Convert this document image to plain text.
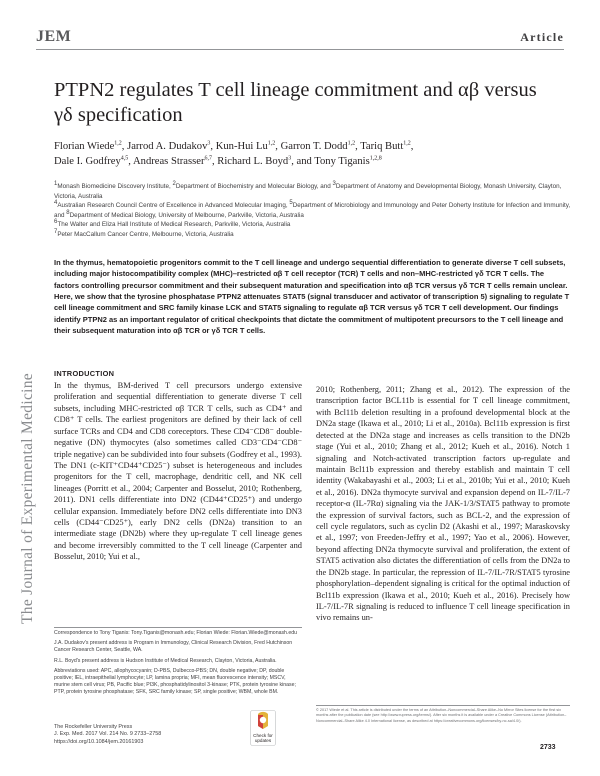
JEM	Article
The Journal of Experimental Medicine
PTPN2 regulates T cell lineage commitment and αβ versus γδ specification
Florian Wiede$^{1,2}$, Jarrod A. Dudakov$^3$, Kun-Hui Lu$^{1,2}$, Garron T. Dodd$^{1,2}$, Tariq Butt$^{1,2}$,
Dale I. Godfrey$^{4,5}$, Andreas Strasser$^{6,7}$, Richard L. Boyd$^3$, and Tony Tiganis$^{1,2,8}$
$^1$Monash Biomedicine Discovery Institute, $^2$Department of Biochemistry and Molecular Biology, and $^3$Department of Anatomy and Developmental Biology, Monash University, Clayton, Victoria, Australia
$^4$Australian Research Council Centre of Excellence in Advanced Molecular Imaging, $^5$Department of Microbiology and Immunology and Peter Doherty Institute for Infection and Immunity, and $^8$Department of Medical Biology, University of Melbourne, Parkville, Victoria, Australia
$^6$The Walter and Eliza Hall Institute of Medical Research, Parkville, Victoria, Australia
$^7$Peter MacCallum Cancer Centre, Melbourne, Victoria, Australia
In the thymus, hematopoietic progenitors commit to the T cell lineage and undergo sequential differentiation to generate diverse T cell subsets, including major histocompatibility complex (MHC)–restricted αβ T cell receptor (TCR) T cells and non–MHC-restricted γδ TCR T cells. The factors controlling precursor commitment and their subsequent maturation and specification into αβ TCR versus γδ TCR T cells remain unclear. Here, we show that the tyrosine phosphatase PTPN2 attenuates STAT5 (signal transducer and activator of transcription 5) signaling to regulate T cell lineage commitment and SRC family kinase LCK and STAT5 signaling to regulate αβ TCR versus γδ TCR T cell development. Our findings identify PTPN2 as an important regulator of critical checkpoints that dictate the commitment of multipotent precursors to the T cell lineage and their subsequent maturation into αβ TCR or γδ TCR T cells.
INTRODUCTION
In the thymus, BM-derived T cell precursors undergo extensive proliferation and sequential differentiation to generate diverse T cell subsets, including MHC-restricted αβ TCR T cells, such as CD4⁺ and CD8⁺ T cells. The earliest progenitors are defined by their lack of cell surface TCRs and CD4 and CD8 coreceptors. These CD4⁻CD8⁻ double-negative (DN) thymocytes (also sometimes called CD3⁻CD4⁻CD8⁻ triple negative) can be subdivided into four subsets (Godfrey et al., 1993). The DN1 (c-KIT⁺CD44⁺CD25⁻) subset is heterogeneous and includes progenitors for the T cell, macrophage, dendritic cell, and NK cell lineages (Porritt et al., 2004; Carpenter and Bosselut, 2010; Rothenberg, 2011). DN1 cells differentiate into DN2 (CD44⁺CD25⁺) and undergo cellular expansion. Immediately before DN2 cells differentiate into DN3 cells (CD44⁻CD25⁺), early DN2 cells (DN2a) transition to an intermediate stage (DN2b) where they up-regulate T cell lineage genes and become irreversibly committed to the T cell lineage (Carpenter and Bosselut, 2010; Yui et al.,
2010; Rothenberg, 2011; Zhang et al., 2012). The expression of the transcription factor BCL11b is essential for T cell lineage commitment, with Bcl11b deletion resulting in a profound developmental block at the DN2a stage (Ikawa et al., 2010; Li et al., 2010a). Bcl11b expression is first detected at the DN2a stage and increases as cells transition to the DN2b stage (Yui et al., 2010; Zhang et al., 2012; Kueh et al., 2016). Notch 1 signaling and Notch-activated transcription factors up-regulate and maintain Bcl11b expression and thereby establish and maintain T cell identity (Wakabayashi et al., 2003; Li et al., 2010b; Yui et al., 2010; Kueh et al., 2016). DN2a thymocyte survival and expansion depend on IL-7/IL-7 receptor-α (IL-7Rα) signaling via the JAK-1/3/STAT5 pathway to promote the expression of survival factors, such as BCL-2, and the expression of cell cycle regulators, such as cyclin D2 (Akashi et al., 1997; Maraskovsky et al., 1997; von Freeden-Jeffry et al., 1997; Yao et al., 2006). However, beyond affecting DN2a thymocyte survival and proliferation, the extent of STAT5 activation also dictates the differentiation of cells from the DN2a to the DN2b stage. In particular, the repression of IL-7/IL-7R/STAT5 tyrosine phosphorylation–dependent signaling is critical for the optimal induction of Bcl11b expression (Ikawa et al., 2010; Kueh et al., 2016). Precisely how IL-7/IL-7R signaling is reduced to influence T cell lineage specification in vivo remains un-

Correspondence to Tony Tiganis: Tony.Tiganis@monash.edu; Florian Wiede: Florian.Wiede@monash.edu

J.A. Dudakov's present address is Program in Immunology, Clinical Research Division, Fred Hutchinson Cancer Research Center, Seattle, WA.

R.L. Boyd's present address is Hudson Institute of Medical Research, Clayton, Victoria, Australia.

Abbreviations used: APC, allophycocyanin; D-PBS, Dulbecco-PBS; DN, double negative; DP, double positive; IEL, intraepithelial lymphocyte; LP, lamina propria; MFI, mean fluorescence intensity; MSCV, murine stem cell virus; PB, Pacific blue; PI3K, phosphatidylinositol 3-kinase; PTK, protein tyrosine kinase; PTP, protein tyrosine phosphatase; SFK, SRC family kinase; SP, single positive; WBM, whole BM.

The Rockefeller University Press
J. Exp. Med. 2017 Vol. 214 No. 9 2733–2758
https://doi.org/10.1084/jem.20161903
Check for
updates
© 2017 Wiede et al. This article is distributed under the terms of an Attribution–Noncommercial–Share Alike–No Mirror Sites license for the first six months after the publication date (see http://www.rupress.org/terms/). After six months it is available under a Creative Commons License (Attribution–Noncommercial–Share Alike 4.0 International license, as described at https://creativecommons.org/licenses/by-nc-sa/4.0/).
2733
